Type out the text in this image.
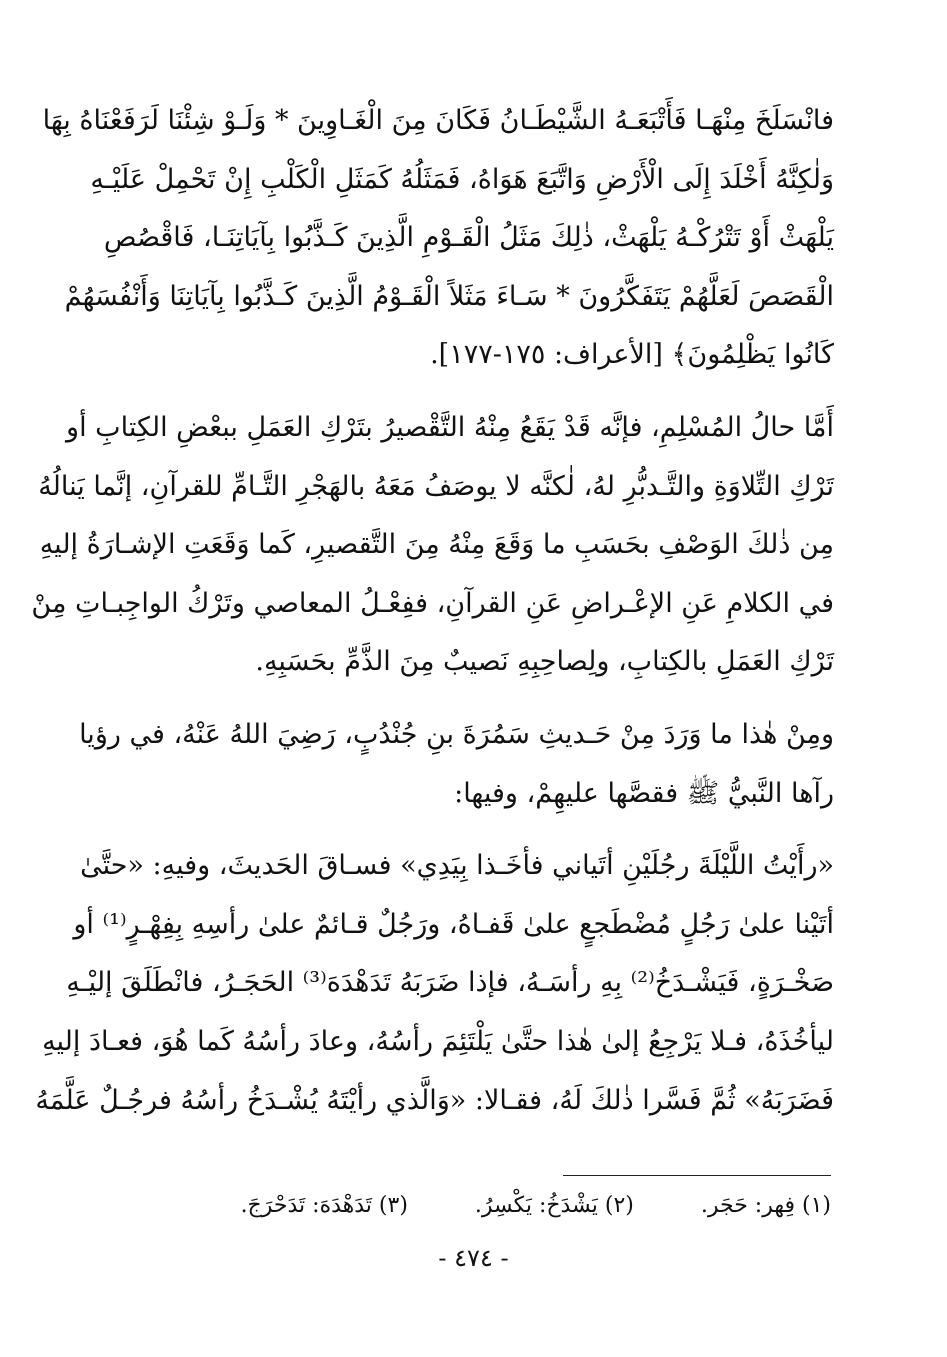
فانْسَلَخَ مِنْهَـا فَأَتْبَعَـهُ الشَّيْطَـانُ فَكَانَ مِنَ الْغَـاوِينَ * وَلَـوْ شِئْنَا لَرَفَعْنَاهُ بِهَا
وَلٰكِنَّهُ أَخْلَدَ إِلَى الْأَرْضِ وَاتَّبَعَ هَوَاهُ، فَمَثَلُهُ كَمَثَلِ الْكَلْبِ إِنْ تَحْمِلْ عَلَيْـهِ
يَلْهَثْ أَوْ تَتْرُكْـهُ يَلْهَثْ، ذٰلِكَ مَثَلُ الْقَـوْمِ الَّذِينَ كَـذَّبُوا بِآيَاتِنَـا، فَاقْصُصِ
الْقَصَصَ لَعَلَّهُمْ يَتَفَكَّرُونَ * سَـاءَ مَثَلاً الْقَـوْمُ الَّذِينَ كَـذَّبُوا بِآيَاتِنَا وَأَنْفُسَهُمْ
كَانُوا يَظْلِمُونَ﴾ [الأعراف: ١٧٥-١٧٧].

أَمَّا حالُ المُسْلِمِ، فإنَّه قَدْ يَقَعُ مِنْهُ التَّقْصيرُ بتَرْكِ العَمَلِ ببعْضِ الكِتابِ أو
تَرْكِ التِّلاوَةِ والتَّـدبُّرِ لهُ، لٰكنَّه لا يوصَفُ مَعَهُ بالهَجْرِ التَّـامِّ للقرآنِ، إنَّما يَنالُهُ
مِن ذٰلكَ الوَصْفِ بحَسَبِ ما وَقَعَ مِنْهُ مِنَ التَّقصيرِ، كَما وَقَعَتِ الإشـارَةُ إليهِ
في الكلامِ عَنِ الإعْـراضِ عَنِ القرآنِ، ففِعْـلُ المعاصي وتَرْكُ الواجِبـاتِ مِنْ
تَرْكِ العَمَلِ بالكِتابِ، ولِصاحِبِهِ نَصيبٌ مِنَ الذَّمِّ بحَسَبِهِ.

ومِنْ هٰذا ما وَرَدَ مِنْ حَـديثِ سَمُرَةَ بنِ جُنْدُبٍ، رَضِيَ اللهُ عَنْهُ، في رؤيا
رآها النَّبيُّ ﷺ فقصَّها عليهِمْ، وفيها:

«رأَيْتُ اللَّيْلَةَ رجُلَيْنِ أتَياني فأخَـذا بِيَدِي» فسـاقَ الحَديثَ، وفيهِ: «حتَّىٰ
أتَيْنا علىٰ رَجُلٍ مُضْطَجعٍ علىٰ قَفـاهُ، ورَجُلٌ قـائمٌ علىٰ رأسِهِ بِفِهْـرٍ⁽¹⁾ أو
صَخْـرَةٍ، فَيَشْـدَخُ⁽²⁾ بِهِ رأسَـهُ، فإذا ضَرَبَهُ تَدَهْدَهَ⁽³⁾ الحَجَـرُ، فانْطَلَقَ إليْـهِ
ليأخُذَهُ، فـلا يَرْجِعُ إلىٰ هٰذا حتَّىٰ يَلْتَئِمَ رأسُهُ، وعادَ رأسُهُ كَما هُوَ، فعـادَ إليهِ
فَضَرَبَهُ» ثُمَّ فَسَّرا ذٰلكَ لَهُ، فقـالا: «وَالَّذي رأيْتَهُ يُشْـدَخُ رأسُهُ فرجُـلٌ عَلَّمَهُ

(١) فِهر: حَجَر. (٢) يَشْدَخُ: يَكْسِرُ. (٣) تَدَهْدَهَ: تَدَحْرَجَ.
- ٤٧٤ -
